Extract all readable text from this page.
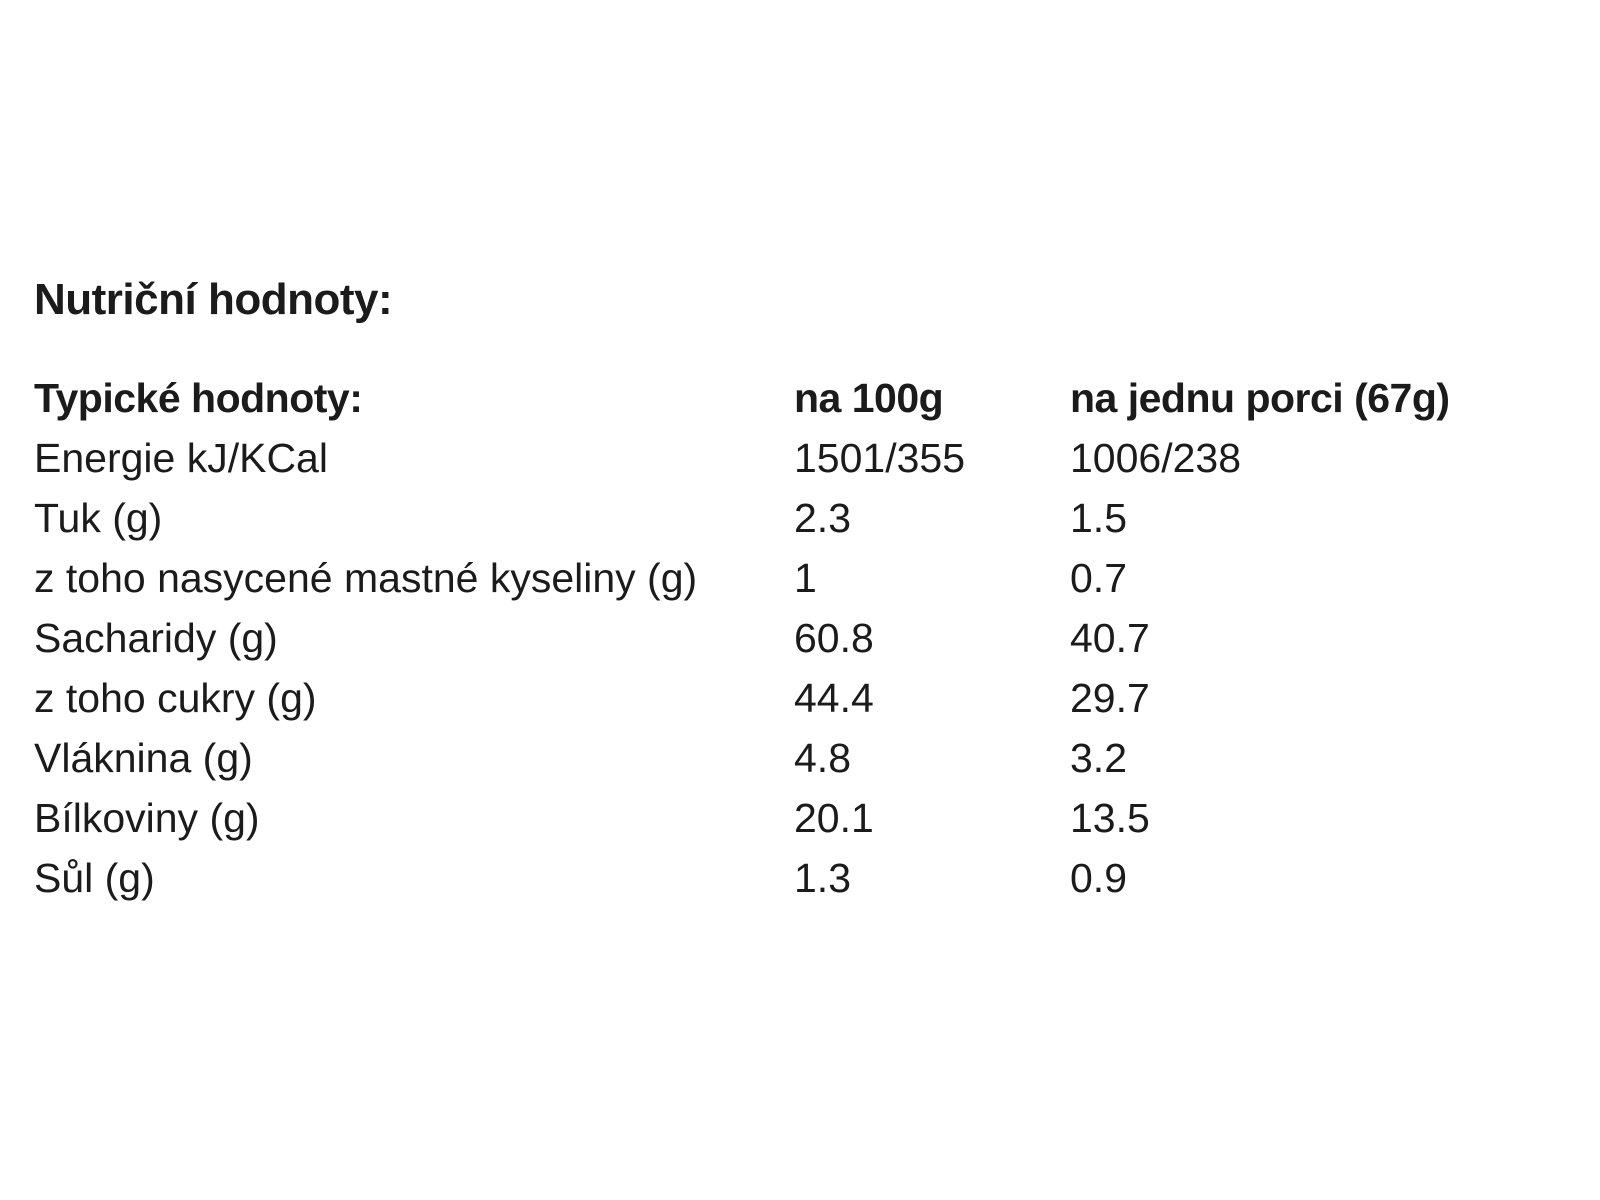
Nutriční hodnoty:
Typické hodnoty:	na 100g	na jednu porci (67g)
Energie kJ/KCal	1501/355	1006/238
Tuk (g)	2.3	1.5
z toho nasycené mastné kyseliny (g)	1	0.7
Sacharidy (g)	60.8	40.7
z toho cukry (g)	44.4	29.7
Vláknina (g)	4.8	3.2
Bílkoviny (g)	20.1	13.5
Sůl (g)	1.3	0.9
